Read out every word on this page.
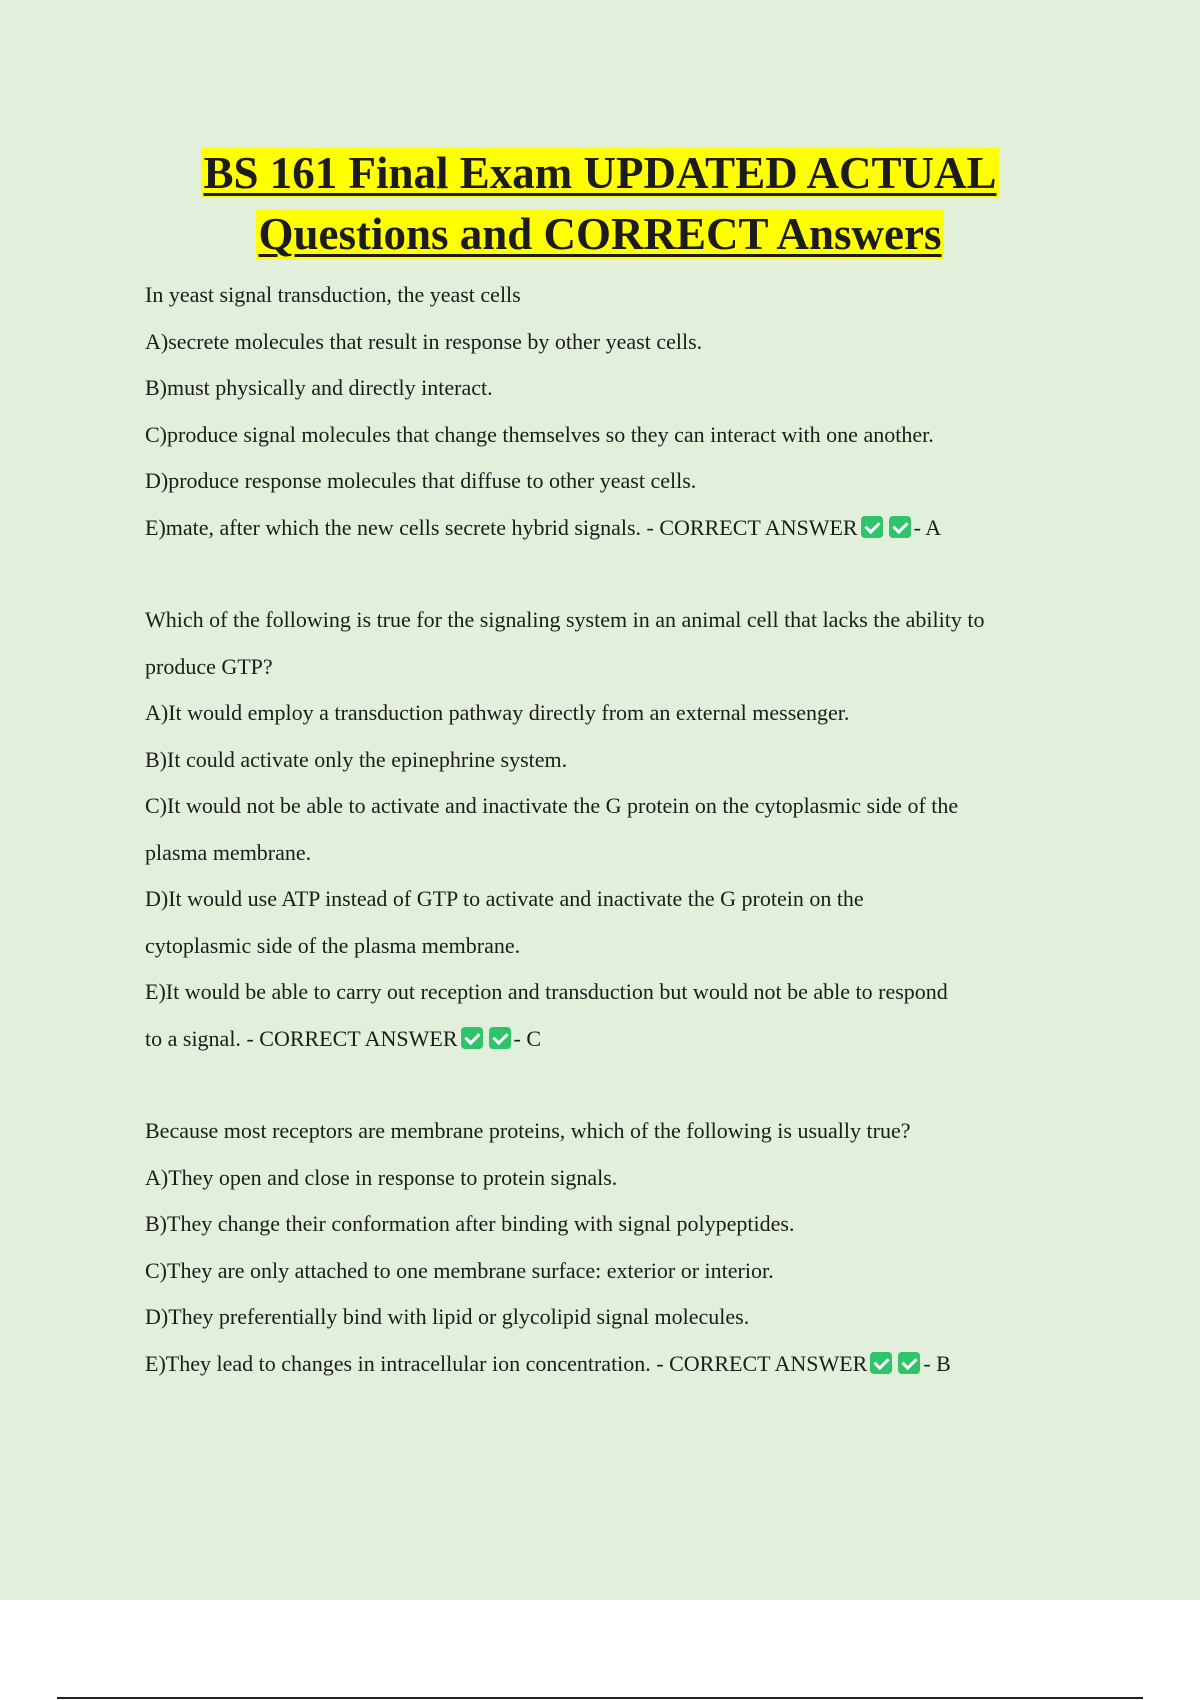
BS 161 Final Exam UPDATED ACTUAL
Questions and CORRECT Answers

In yeast signal transduction, the yeast cells

A)secrete molecules that result in response by other yeast cells.

B)must physically and directly interact.

C)produce signal molecules that change themselves so they can interact with one another.

D)produce response molecules that diffuse to other yeast cells.

E)mate, after which the new cells secrete hybrid signals. - CORRECT ANSWER	- A

Which of the following is true for the signaling system in an animal cell that lacks the ability to

produce GTP?

A)It would employ a transduction pathway directly from an external messenger.

B)It could activate only the epinephrine system.

C)It would not be able to activate and inactivate the G protein on the cytoplasmic side of the

plasma membrane.

D)It would use ATP instead of GTP to activate and inactivate the G protein on the

cytoplasmic side of the plasma membrane.

E)It would be able to carry out reception and transduction but would not be able to respond

to a signal. - CORRECT ANSWER	- C

Because most receptors are membrane proteins, which of the following is usually true?

A)They open and close in response to protein signals.

B)They change their conformation after binding with signal polypeptides.

C)They are only attached to one membrane surface: exterior or interior.

D)They preferentially bind with lipid or glycolipid signal molecules.

E)They lead to changes in intracellular ion concentration. - CORRECT ANSWER	- B
